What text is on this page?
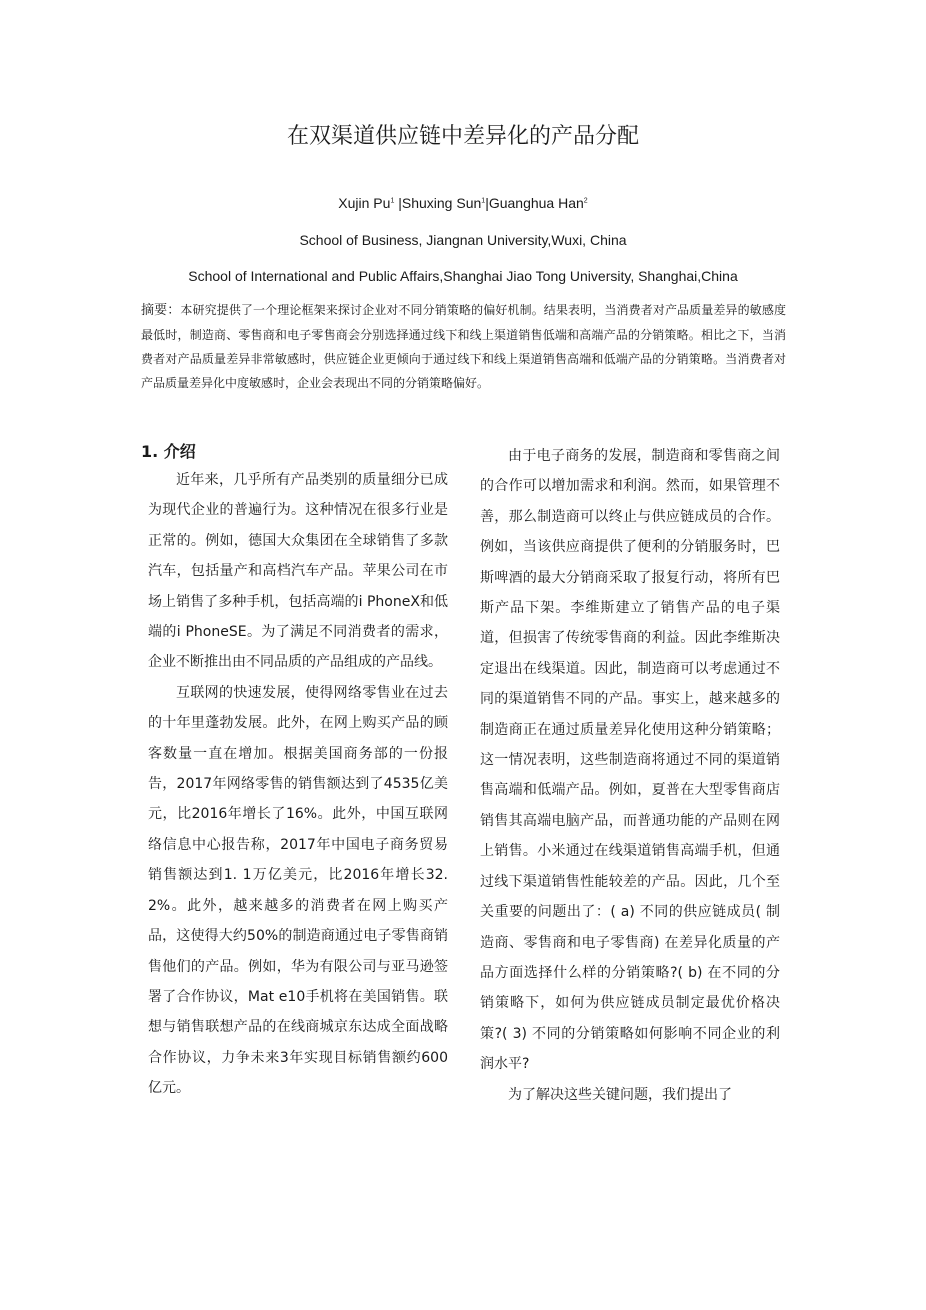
在双渠道供应链中差异化的产品分配
Xujin Pu$^1$ |Shuxing Sun$^1$|Guanghua Han$^2$
School of Business, Jiangnan University,Wuxi, China
School of International and Public Affairs,Shanghai Jiao Tong University, Shanghai,China

摘要：本研究提供了一个理论框架来探讨企业对不同分销策略的偏好机制。结果表明，当消费者对产品质量差异的敏感度最低时，制造商、零售商和电子零售商会分别选择通过线下和线上渠道销售低端和高端产品的分销策略。相比之下，当消费者对产品质量差异非常敏感时，供应链企业更倾向于通过线下和线上渠道销售高端和低端产品的分销策略。当消费者对产品质量差异化中度敏感时，企业会表现出不同的分销策略偏好。

1. 介绍

近年来，几乎所有产品类别的质量细分已成为现代企业的普遍行为。这种情况在很多行业是正常的。例如，德国大众集团在全球销售了多款汽车，包括量产和高档汽车产品。苹果公司在市场上销售了多种手机，包括高端的i PhoneX和低端的i PhoneSE。为了满足不同消费者的需求，企业不断推出由不同品质的产品组成的产品线。

互联网的快速发展，使得网络零售业在过去的十年里蓬勃发展。此外，在网上购买产品的顾客数量一直在增加。根据美国商务部的一份报告，2017年网络零售的销售额达到了4535亿美元，比2016年增长了16%。此外，中国互联网络信息中心报告称，2017年中国电子商务贸易销售额达到1. 1万亿美元，比2016年增长32. 2%。此外，越来越多的消费者在网上购买产品，这使得大约50%的制造商通过电子零售商销售他们的产品。例如，华为有限公司与亚马逊签署了合作协议，Mat e10手机将在美国销售。联想与销售联想产品的在线商城京东达成全面战略合作协议，力争未来3年实现目标销售额约600亿元。

由于电子商务的发展，制造商和零售商之间的合作可以增加需求和利润。然而，如果管理不善，那么制造商可以终止与供应链成员的合作。例如，当该供应商提供了便利的分销服务时，巴斯啤酒的最大分销商采取了报复行动，将所有巴斯产品下架。李维斯建立了销售产品的电子渠道，但损害了传统零售商的利益。因此李维斯决定退出在线渠道。因此，制造商可以考虑通过不同的渠道销售不同的产品。事实上，越来越多的制造商正在通过质量差异化使用这种分销策略；这一情况表明，这些制造商将通过不同的渠道销售高端和低端产品。例如，夏普在大型零售商店销售其高端电脑产品，而普通功能的产品则在网上销售。小米通过在线渠道销售高端手机，但通过线下渠道销售性能较差的产品。因此，几个至关重要的问题出了：( a) 不同的供应链成员( 制造商、零售商和电子零售商) 在差异化质量的产品方面选择什么样的分销策略?( b) 在不同的分销策略下，如何为供应链成员制定最优价格决策?( 3) 不同的分销策略如何影响不同企业的利润水平?

为了解决这些关键问题，我们提出了
